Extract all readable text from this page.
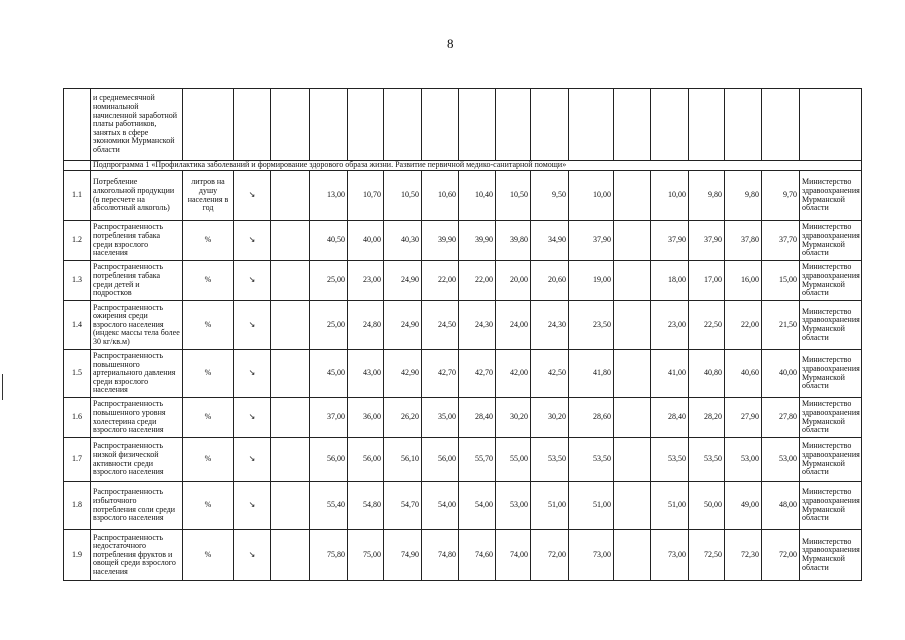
8
	и среднемесячной номинальной начисленной заработной платы работников, занятых в сфере экономики Мурманской области																	
	Подпрограмма 1 «Профилактика заболеваний и формирование здорового образа жизни. Развитие первичной медико-санитарной помощи»																	
1.1	Потребление алкогольной продукции (в пересчете на абсолютный алкоголь)	литров на душу населения в год	↘		13,00	10,70	10,50	10,60	10,40	10,50	9,50	10,00		10,00	9,80	9,80	9,70	Министерство здравоохранения Мурманской области
1.2	Распространенность потребления табака среди взрослого населения	%	↘		40,50	40,00	40,30	39,90	39,90	39,80	34,90	37,90		37,90	37,90	37,80	37,70	Министерство здравоохранения Мурманской области
1.3	Распространенность потребления табака среди детей и подростков	%	↘		25,00	23,00	24,90	22,00	22,00	20,00	20,60	19,00		18,00	17,00	16,00	15,00	Министерство здравоохранения Мурманской области
1.4	Распространенность ожирения среди взрослого населения (индекс массы тела более 30 кг/кв.м)	%	↘		25,00	24,80	24,90	24,50	24,30	24,00	24,30	23,50		23,00	22,50	22,00	21,50	Министерство здравоохранения Мурманской области
1.5	Распространенность повышенного артериального давления среди взрослого населения	%	↘		45,00	43,00	42,90	42,70	42,70	42,00	42,50	41,80		41,00	40,80	40,60	40,00	Министерство здравоохранения Мурманской области
1.6	Распространенность повышенного уровня холестерина среди взрослого населения	%	↘		37,00	36,00	26,20	35,00	28,40	30,20	30,20	28,60		28,40	28,20	27,90	27,80	Министерство здравоохранения Мурманской области
1.7	Распространенность низкой физической активности среди взрослого населения	%	↘		56,00	56,00	56,10	56,00	55,70	55,00	53,50	53,50		53,50	53,50	53,00	53,00	Министерство здравоохранения Мурманской области
1.8	Распространенность избыточного потребления соли среди взрослого населения	%	↘		55,40	54,80	54,70	54,00	54,00	53,00	51,00	51,00		51,00	50,00	49,00	48,00	Министерство здравоохранения Мурманской области
1.9	Распространенность недостаточного потребления фруктов и овощей среди взрослого населения	%	↘		75,80	75,00	74,90	74,80	74,60	74,00	72,00	73,00		73,00	72,50	72,30	72,00	Министерство здравоохранения Мурманской области
